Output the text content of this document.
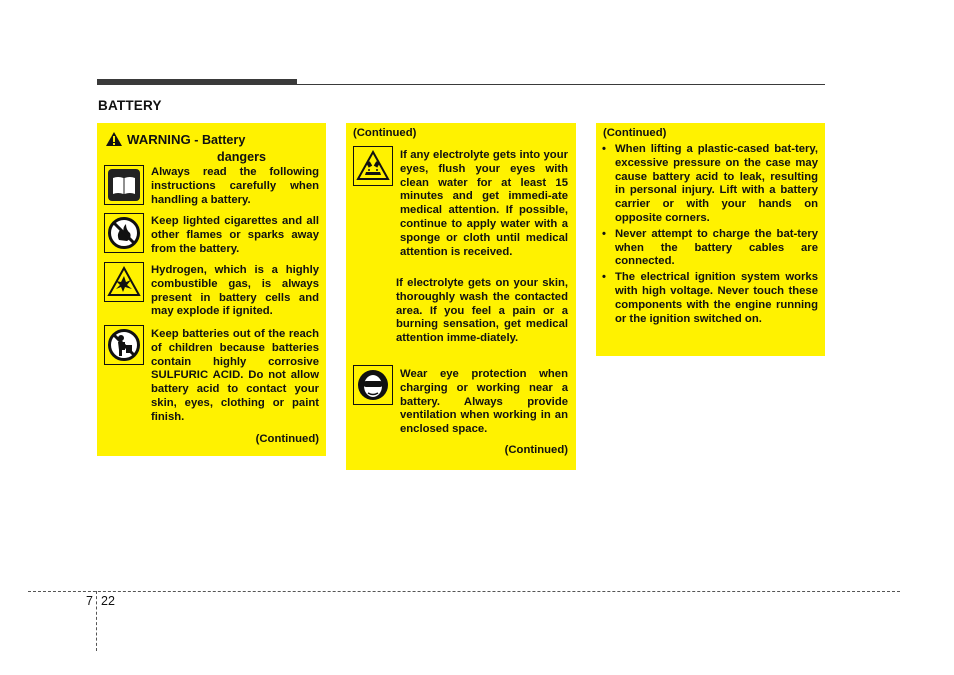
BATTERY
WARNING - Battery
dangers
Always read the following instructions carefully when handling a battery.
Keep lighted cigarettes and all other flames or sparks away from the battery.
Hydrogen, which is a highly combustible gas, is always present in battery cells and may explode if ignited.
Keep batteries out of the reach of children because batteries contain highly corrosive SULFURIC ACID. Do not allow battery acid to contact your skin, eyes, clothing or paint finish.
(Continued)
(Continued)
If any electrolyte gets into your eyes, flush your eyes with clean water for at least 15 minutes and get immedi-ate medical attention. If possible, continue to apply water with a sponge or cloth until medical attention is received.
If electrolyte gets on your skin, thoroughly wash the contacted area. If you feel a pain or a burning sensation, get medical attention imme-diately.
Wear eye protection when charging or working near a battery. Always provide ventilation when working in an enclosed space.
(Continued)
(Continued)
• When lifting a plastic-cased bat-tery, excessive pressure on the case may cause battery acid to leak, resulting in personal injury. Lift with a battery carrier or with your hands on opposite corners.
• Never attempt to charge the bat-tery when the battery cables are connected.
• The electrical ignition system works with high voltage. Never touch these components with the engine running or the ignition switched on.
7 22
